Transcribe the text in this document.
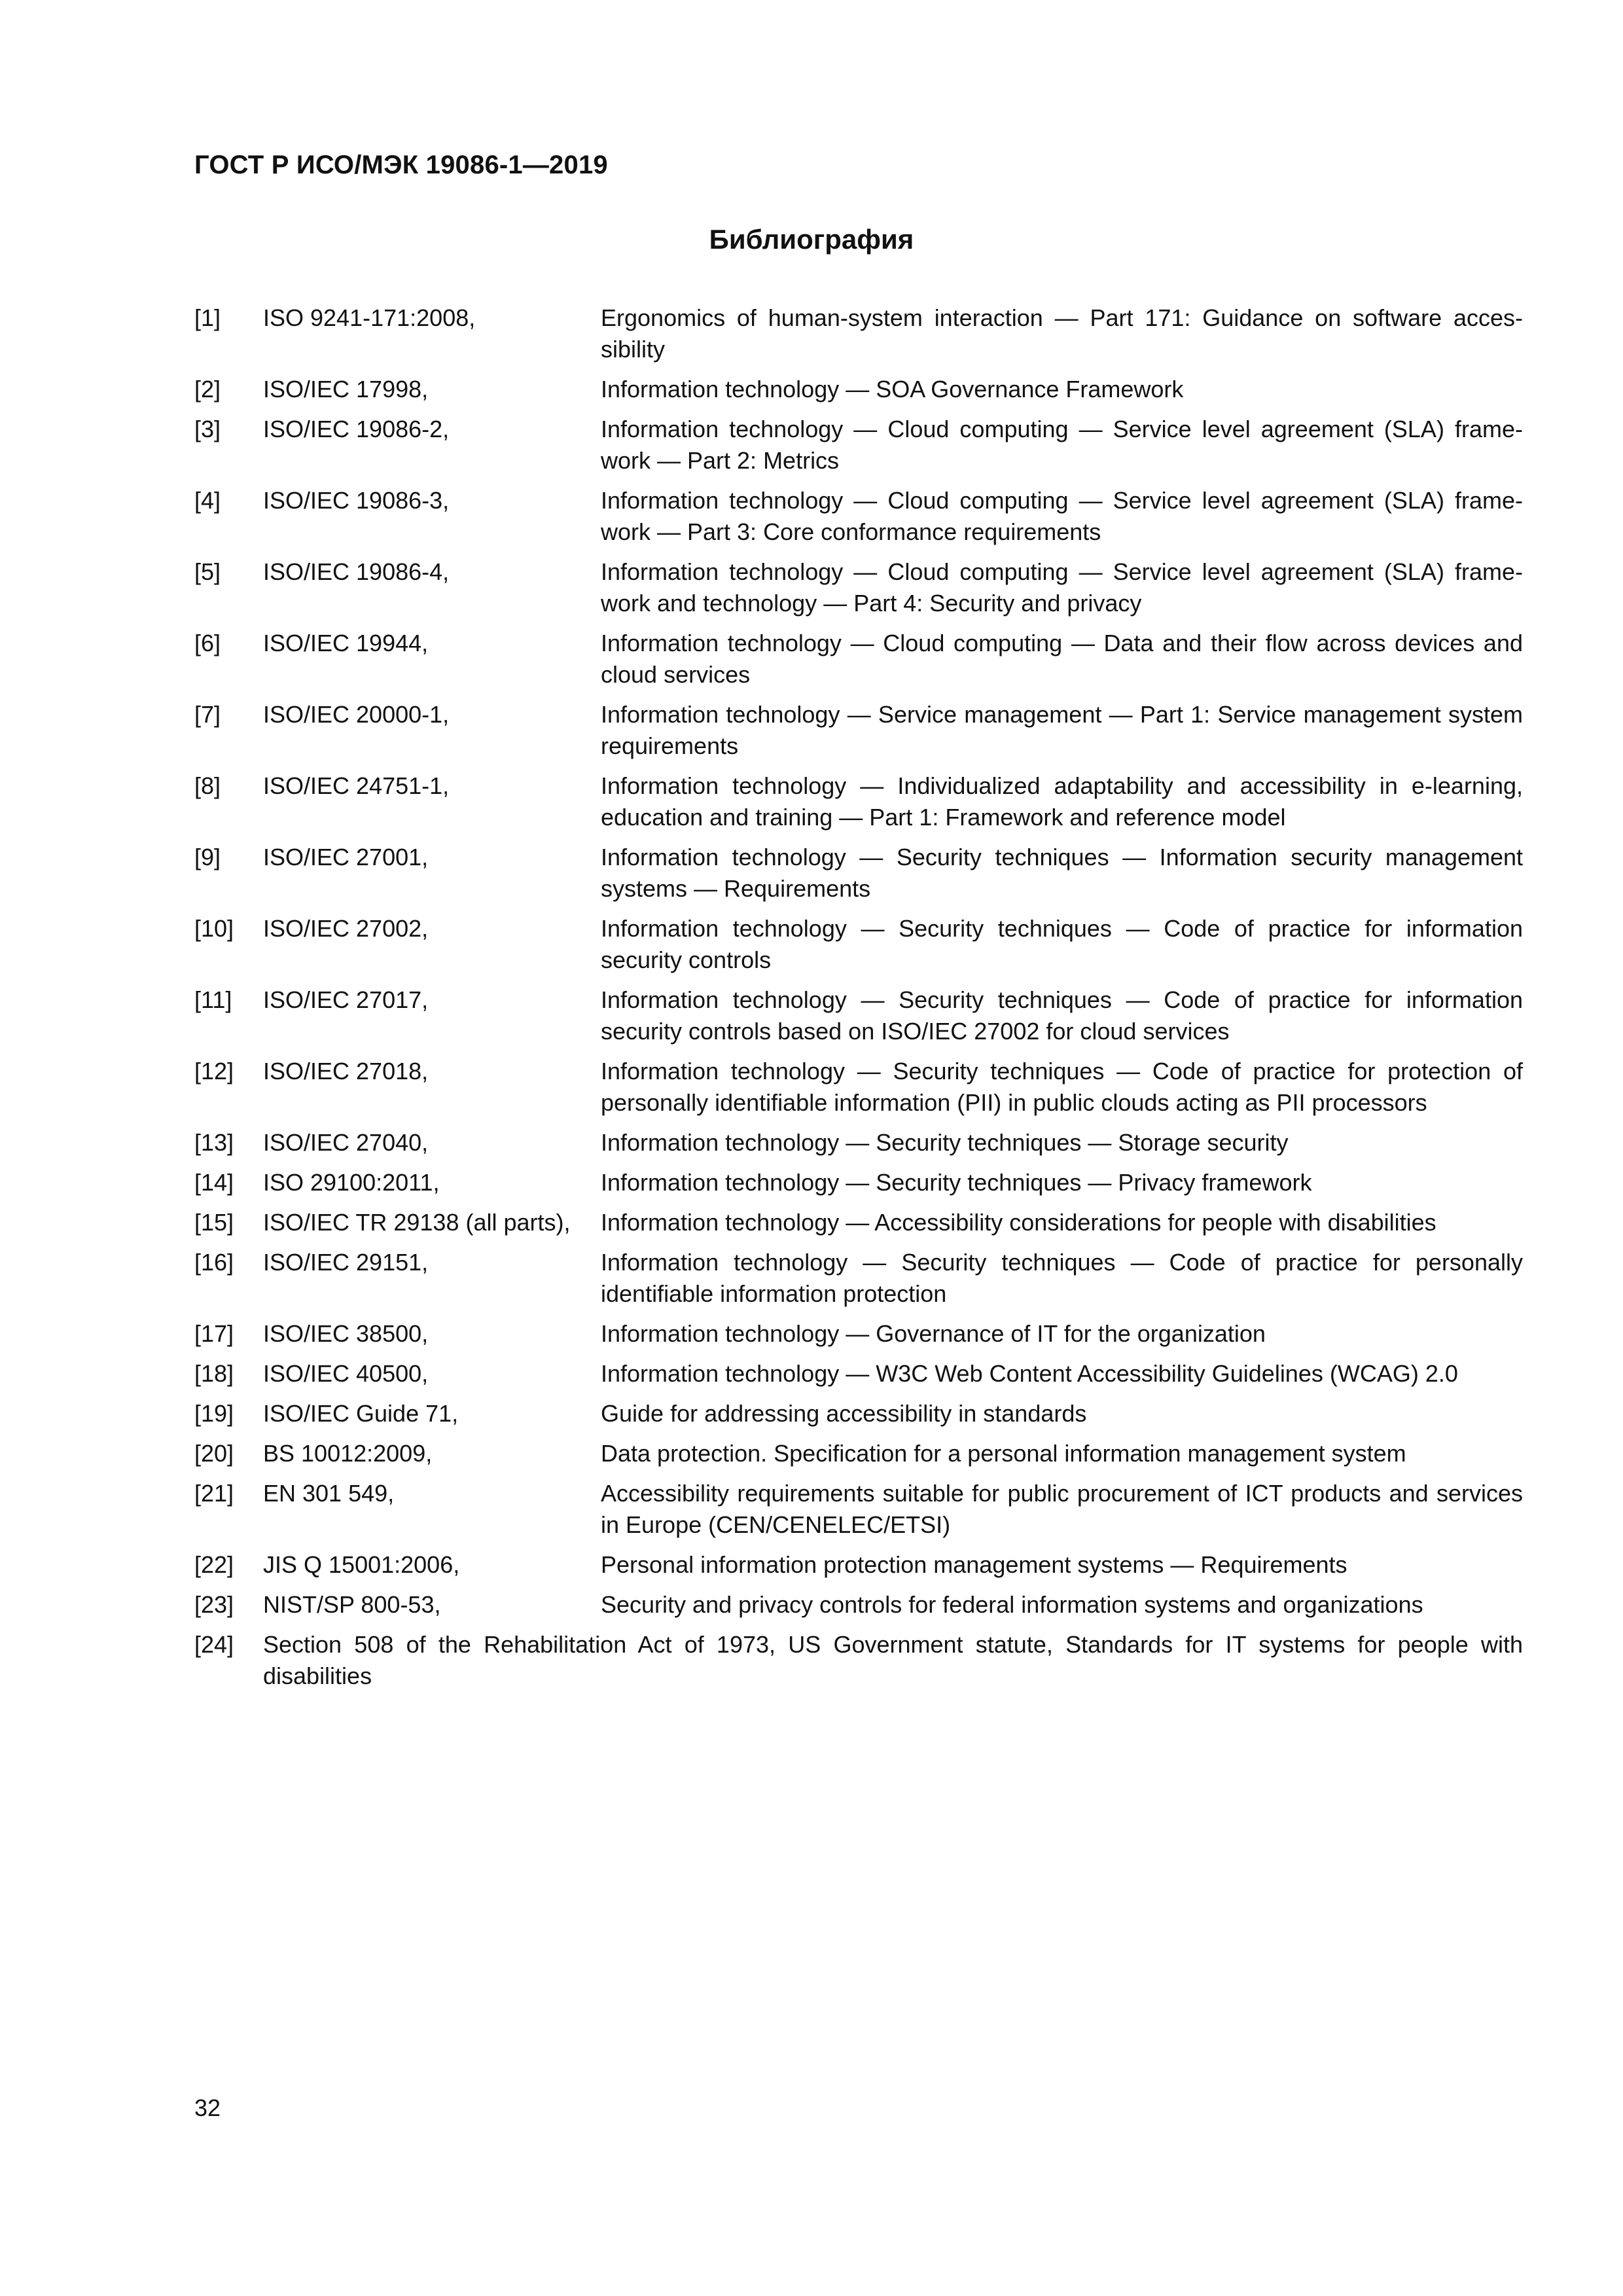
ГОСТ Р ИСО/МЭК 19086-1—2019
Библиография
[1] ISO 9241-171:2008,	Ergonomics of human-system interaction — Part 171: Guidance on software accessibility
[2] ISO/IEC 17998,	Information technology — SOA Governance Framework
[3] ISO/IEC 19086-2,	Information technology — Cloud computing — Service level agreement (SLA) framework — Part 2: Metrics
[4] ISO/IEC 19086-3,	Information technology — Cloud computing — Service level agreement (SLA) framework — Part 3: Core conformance requirements
[5] ISO/IEC 19086-4,	Information technology — Cloud computing — Service level agreement (SLA) framework and technology — Part 4: Security and privacy
[6] ISO/IEC 19944,	Information technology — Cloud computing — Data and their flow across devices and cloud services
[7] ISO/IEC 20000-1,	Information technology — Service management — Part 1: Service management system requirements
[8] ISO/IEC 24751-1,	Information technology — Individualized adaptability and accessibility in e-learning, education and training — Part 1: Framework and reference model
[9] ISO/IEC 27001,	Information technology — Security techniques — Information security management systems — Requirements
[10] ISO/IEC 27002,	Information technology — Security techniques — Code of practice for information security controls
[11] ISO/IEC 27017,	Information technology — Security techniques — Code of practice for information security controls based on ISO/IEC 27002 for cloud services
[12] ISO/IEC 27018,	Information technology — Security techniques — Code of practice for protection of personally identifiable information (PII) in public clouds acting as PII processors
[13] ISO/IEC 27040,	Information technology — Security techniques — Storage security
[14] ISO 29100:2011,	Information technology — Security techniques — Privacy framework
[15] ISO/IEC TR 29138 (all parts), Information technology — Accessibility considerations for people with disabilities
[16] ISO/IEC 29151,	Information technology — Security techniques — Code of practice for personally identifiable information protection
[17] ISO/IEC 38500,	Information technology — Governance of IT for the organization
[18] ISO/IEC 40500,	Information technology — W3C Web Content Accessibility Guidelines (WCAG) 2.0
[19] ISO/IEC Guide 71,	Guide for addressing accessibility in standards
[20] BS 10012:2009,	Data protection. Specification for a personal information management system
[21] EN 301 549,	Accessibility requirements suitable for public procurement of ICT products and services in Europe (CEN/CENELEC/ETSI)
[22] JIS Q 15001:2006,	Personal information protection management systems — Requirements
[23] NIST/SP 800-53,	Security and privacy controls for federal information systems and organizations
[24] Section 508 of the Rehabilitation Act of 1973, US Government statute, Standards for IT systems for people with disabilities
32
